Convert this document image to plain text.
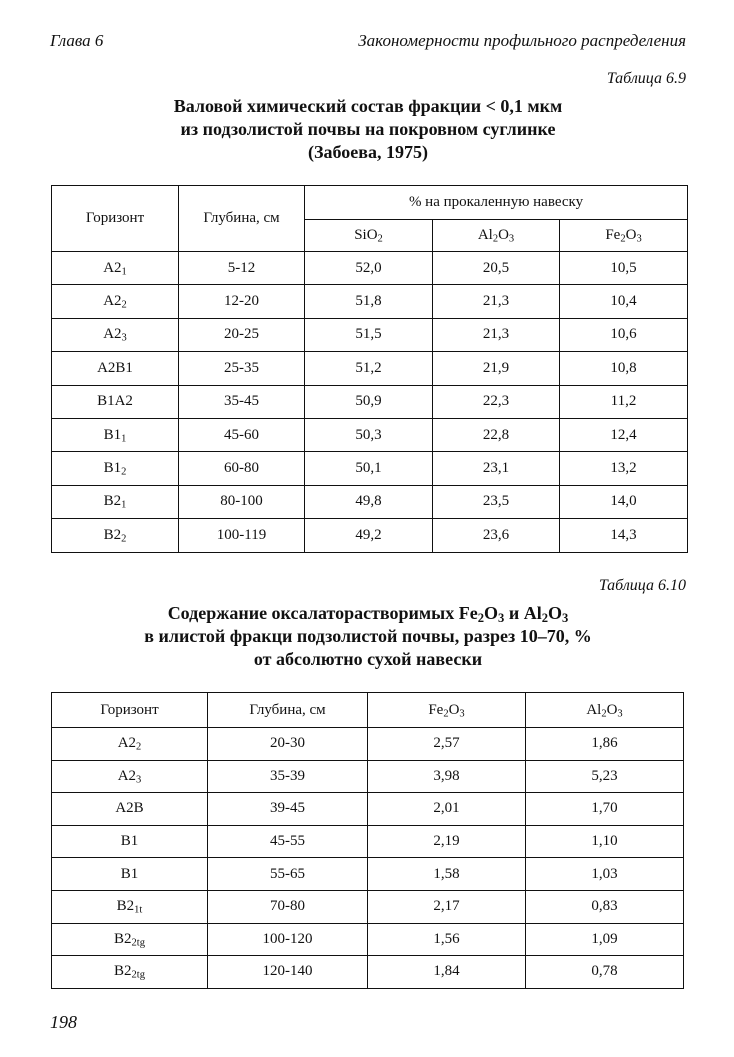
Глава 6	Закономерности профильного распределения
Таблица 6.9
Валовой химический состав фракции < 0,1 мкм
из подзолистой почвы на покровном суглинке
(Забоева, 1975)
Горизонт	Глубина, см	% на прокаленную навеску		
		SiO$_2$	$Al_2O_3$	$Fe_2O_3$
$A2_1$	5-12	52,0	20,5	10,5
$A2_2$	12-20	51,8	21,3	10,4
$A2_3$	20-25	51,5	21,3	10,6
A2B1	25-35	51,2	21,9	10,8
B1A2	35-45	50,9	22,3	11,2
$B1_1$	45-60	50,3	22,8	12,4
$B1_2$	60-80	50,1	23,1	13,2
$B2_1$	80-100	49,8	23,5	14,0
$B2_2$	100-119	49,2	23,6	14,3
Таблица 6.10
Содержание оксалаторастворимых $Fe_2O_3$ и $Al_2O_3$
в илистой фракци подзолистой почвы, разрез 10–70, %
от абсолютно сухой навески
Горизонт	Глубина, см	$Fe_2O_3$	$Al_2O_3$
$A2_2$	20-30	2,57	1,86
$A2_3$	35-39	3,98	5,23
A2B	39-45	2,01	1,70
B1	45-55	2,19	1,10
B1	55-65	1,58	1,03
$B2_{1t}$	70-80	2,17	0,83
$B2_{2tg}$	100-120	1,56	1,09
$B2_{2tg}$	120-140	1,84	0,78
198
